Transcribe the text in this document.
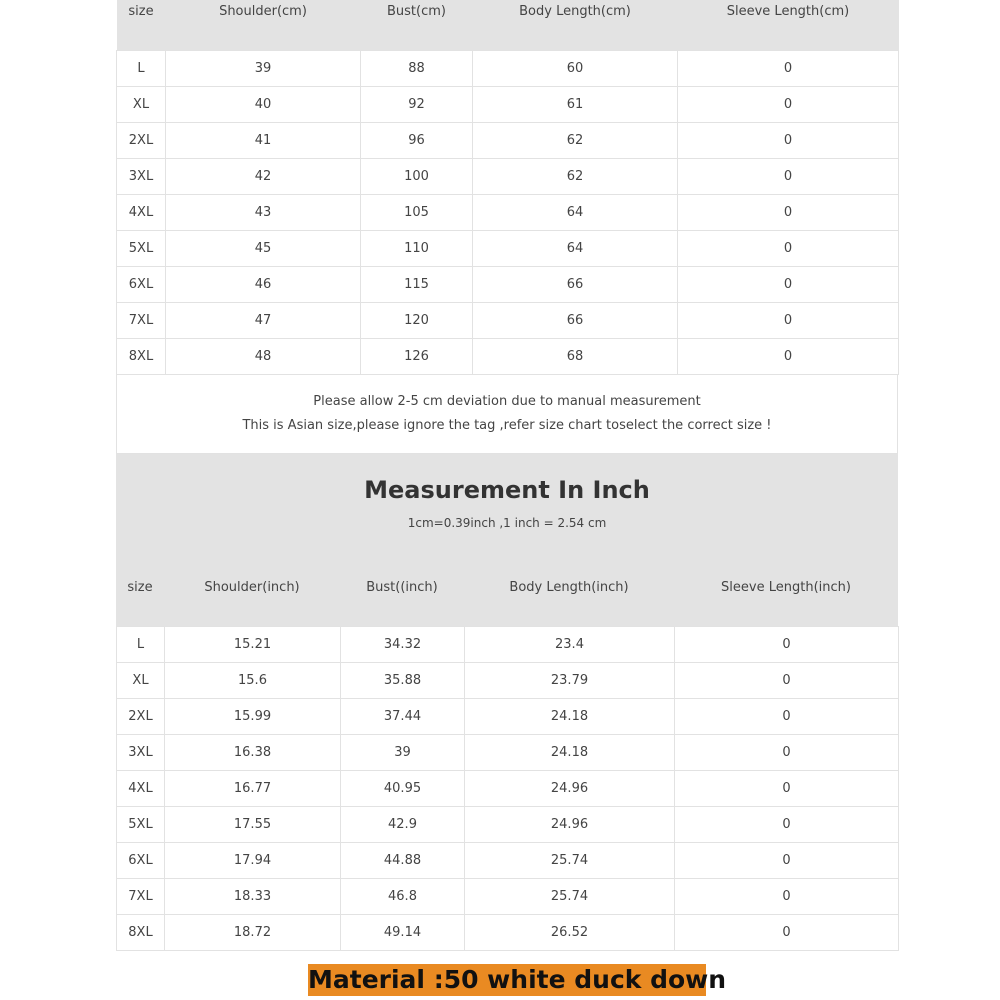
size	Shoulder(cm)	Bust(cm)	Body Length(cm)	Sleeve Length(cm)
L	39	88	60	0
XL	40	92	61	0
2XL	41	96	62	0
3XL	42	100	62	0
4XL	43	105	64	0
5XL	45	110	64	0
6XL	46	115	66	0
7XL	47	120	66	0
8XL	48	126	68	0
Please allow 2-5 cm deviation due to manual measurement
This is Asian size,please ignore the tag ,refer size chart toselect the correct size !
Measurement In Inch
1cm=0.39inch ,1 inch = 2.54 cm
size	Shoulder(inch)	Bust((inch)	Body Length(inch)	Sleeve Length(inch)
L	15.21	34.32	23.4	0
XL	15.6	35.88	23.79	0
2XL	15.99	37.44	24.18	0
3XL	16.38	39	24.18	0
4XL	16.77	40.95	24.96	0
5XL	17.55	42.9	24.96	0
6XL	17.94	44.88	25.74	0
7XL	18.33	46.8	25.74	0
8XL	18.72	49.14	26.52	0
Material :50 white duck down
